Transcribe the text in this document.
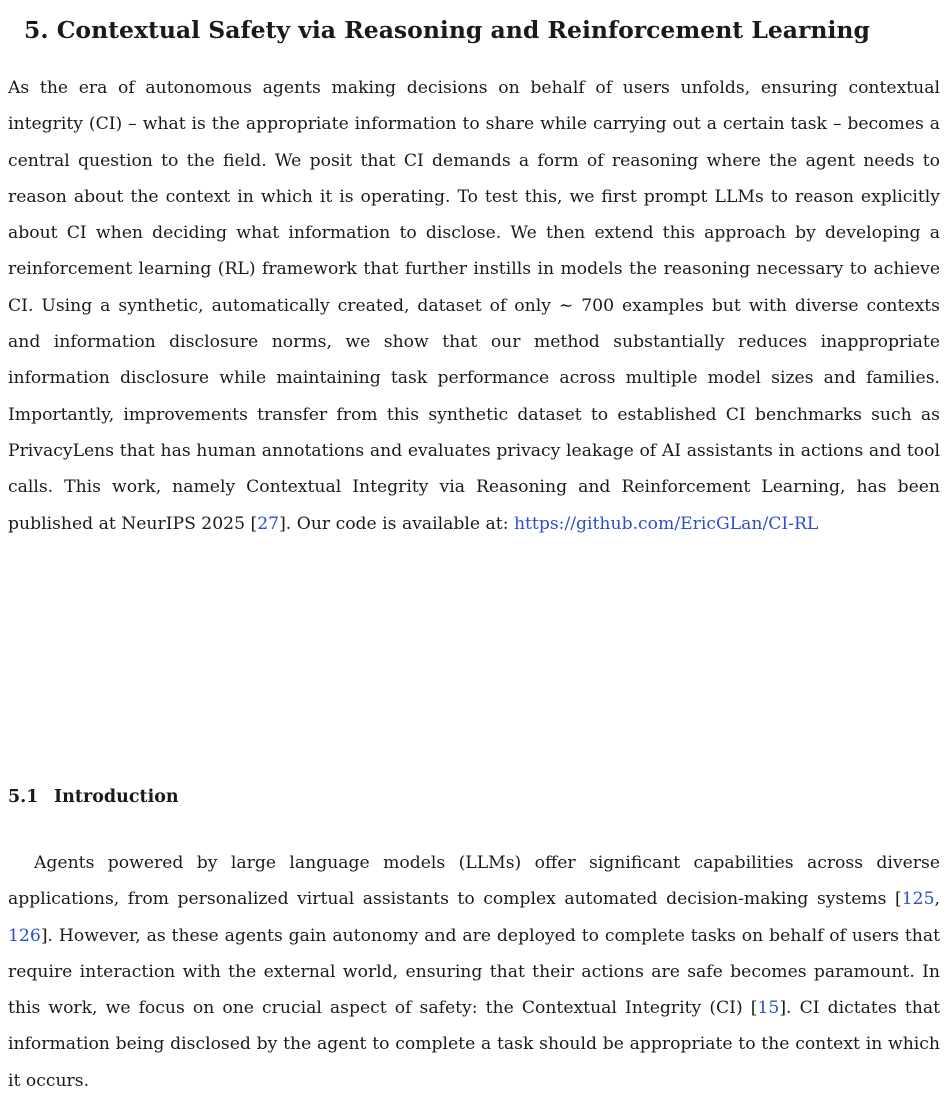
5. Contextual Safety via Reasoning and Reinforcement Learning

As the era of autonomous agents making decisions on behalf of users unfolds, ensuring contextual integrity (CI) – what is the appropriate information to share while carrying out a certain task – becomes a central question to the field. We posit that CI demands a form of reasoning where the agent needs to reason about the context in which it is operating. To test this, we first prompt LLMs to reason explicitly about CI when deciding what information to disclose. We then extend this approach by developing a reinforcement learning (RL) framework that further instills in models the reasoning necessary to achieve CI. Using a synthetic, automatically created, dataset of only ∼ 700 examples but with diverse contexts and information disclosure norms, we show that our method substantially reduces inappropriate information disclosure while maintaining task performance across multiple model sizes and families. Importantly, improvements transfer from this synthetic dataset to established CI benchmarks such as PrivacyLens that has human annotations and evaluates privacy leakage of AI assistants in actions and tool calls. This work, namely Contextual Integrity via Reasoning and Reinforcement Learning, has been published at NeurIPS 2025 [27]. Our code is available at: https://github.com/EricGLan/CI-RL

5.1 Introduction

Agents powered by large language models (LLMs) offer significant capabilities across diverse applications, from personalized virtual assistants to complex automated decision-making systems [125, 126]. However, as these agents gain autonomy and are deployed to complete tasks on behalf of users that require interaction with the external world, ensuring that their actions are safe becomes paramount. In this work, we focus on one crucial aspect of safety: the Contextual Integrity (CI) [15]. CI dictates that information being disclosed by the agent to complete a task should be appropriate to the context in which it occurs.
